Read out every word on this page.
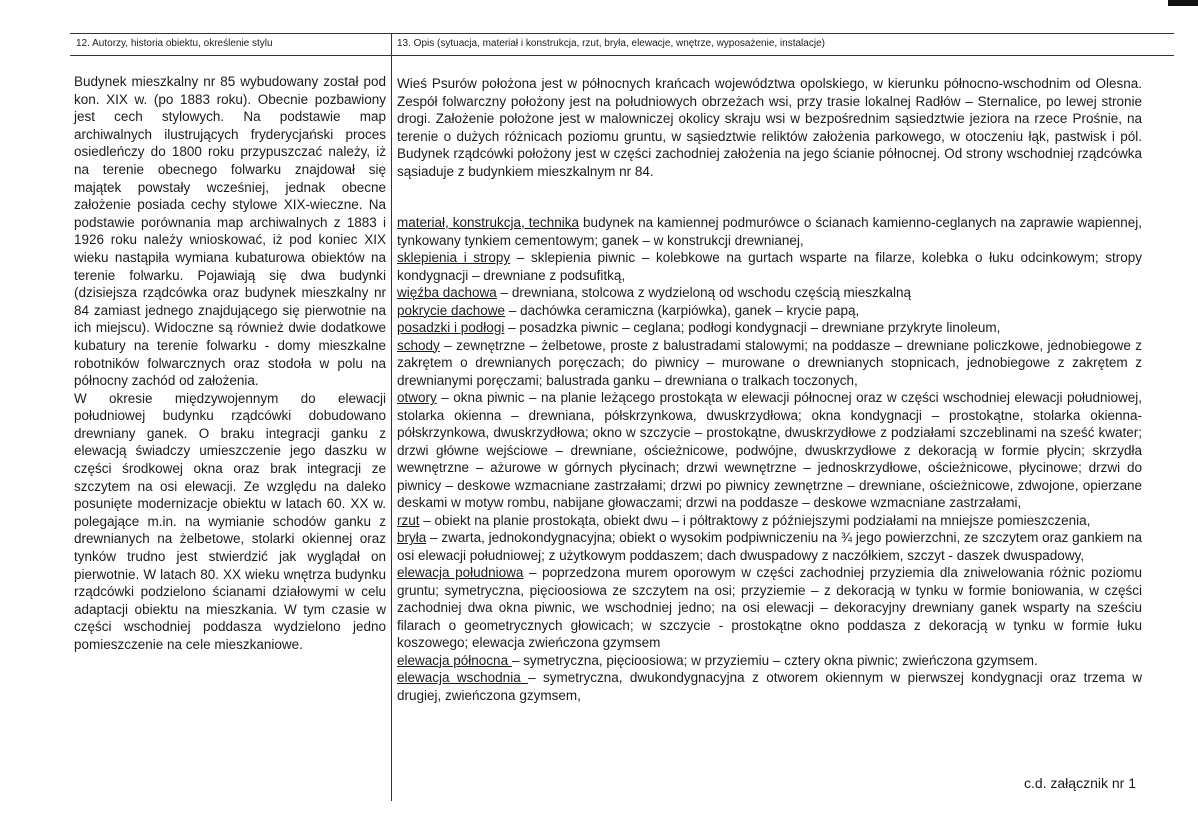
12. Autorzy, historia obiektu, określenie stylu	13. Opis (sytuacja, materiał i konstrukcja, rzut, bryła, elewacje, wnętrze, wyposażenie, instalacje)

Budynek mieszkalny nr 85 wybudowany został pod kon. XIX w. (po 1883 roku). Obecnie pozbawiony jest cech stylowych. Na podstawie map archiwalnych ilustrujących fryderycjański proces osiedleńczy do 1800 roku przypuszczać należy, iż na terenie obecnego folwarku znajdował się majątek powstały wcześniej, jednak obecne założenie posiada cechy stylowe XIX-wieczne. Na podstawie porównania map archiwalnych z 1883 i 1926 roku należy wnioskować, iż pod koniec XIX wieku nastąpiła wymiana kubaturowa obiektów na terenie folwarku. Pojawiają się dwa budynki (dzisiejsza rządcówka oraz budynek mieszkalny nr 84 zamiast jednego znajdującego się pierwotnie na ich miejscu). Widoczne są również dwie dodatkowe kubatury na terenie folwarku - domy mieszkalne robotników folwarcznych oraz stodoła w polu na północny zachód od założenia.

W okresie międzywojennym do elewacji południowej budynku rządcówki dobudowano drewniany ganek. O braku integracji ganku z elewacją świadczy umieszczenie jego daszku w części środkowej okna oraz brak integracji ze szczytem na osi elewacji. Ze względu na daleko posunięte modernizacje obiektu w latach 60. XX w. polegające m.in. na wymianie schodów ganku z drewnianych na żelbetowe, stolarki okiennej oraz tynków trudno jest stwierdzić jak wyglądał on pierwotnie. W latach 80. XX wieku wnętrza budynku rządcówki podzielono ścianami działowymi w celu adaptacji obiektu na mieszkania. W tym czasie w części wschodniej poddasza wydzielono jedno pomieszczenie na cele mieszkaniowe.

Wieś Psurów położona jest w północnych krańcach województwa opolskiego, w kierunku północno-wschodnim od Olesna. Zespół folwarczny położony jest na południowych obrzeżach wsi, przy trasie lokalnej Radłów – Sternalice, po lewej stronie drogi. Założenie położone jest w malowniczej okolicy skraju wsi w bezpośrednim sąsiedztwie jeziora na rzece Prośnie, na terenie o dużych różnicach poziomu gruntu, w sąsiedztwie reliktów założenia parkowego, w otoczeniu łąk, pastwisk i pól. Budynek rządcówki położony jest w części zachodniej założenia na jego ścianie północnej. Od strony wschodniej rządcówka sąsiaduje z budynkiem mieszkalnym nr 84.

materiał, konstrukcja, technika budynek na kamiennej podmurówce o ścianach kamienno-ceglanych na zaprawie wapiennej, tynkowany tynkiem cementowym; ganek – w konstrukcji drewnianej,

sklepienia i stropy – sklepienia piwnic – kolebkowe na gurtach wsparte na filarze, kolebka o łuku odcinkowym; stropy kondygnacji – drewniane z podsufitką,

więźba dachowa – drewniana, stolcowa z wydzieloną od wschodu częścią mieszkalną

pokrycie dachowe – dachówka ceramiczna (karpiówka), ganek – krycie papą,

posadzki i podłogi – posadzka piwnic – ceglana; podłogi kondygnacji – drewniane przykryte linoleum,

schody – zewnętrzne – żelbetowe, proste z balustradami stalowymi; na poddasze – drewniane policzkowe, jednobiegowe z zakrętem o drewnianych poręczach; do piwnicy – murowane o drewnianych stopnicach, jednobiegowe z zakrętem z drewnianymi poręczami; balustrada ganku – drewniana o tralkach toczonych,

otwory – okna piwnic – na planie leżącego prostokąta w elewacji północnej oraz w części wschodniej elewacji południowej, stolarka okienna – drewniana, półskrzynkowa, dwuskrzydłowa; okna kondygnacji – prostokątne, stolarka okienna- półskrzynkowa, dwuskrzydłowa; okno w szczycie – prostokątne, dwuskrzydłowe z podziałami szczeblinami na sześć kwater; drzwi główne wejściowe – drewniane, ościeżnicowe, podwójne, dwuskrzydłowe z dekoracją w formie płycin; skrzydła wewnętrzne – ażurowe w górnych płycinach; drzwi wewnętrzne – jednoskrzydłowe, ościeżnicowe, płycinowe; drzwi do piwnicy – deskowe wzmacniane zastrzałami; drzwi po piwnicy zewnętrzne – drewniane, ościeżnicowe, zdwojone, opierzane deskami w motyw rombu, nabijane głowaczami; drzwi na poddasze – deskowe wzmacniane zastrzałami,

rzut – obiekt na planie prostokąta, obiekt dwu – i półtraktowy z późniejszymi podziałami na mniejsze pomieszczenia,

bryła – zwarta, jednokondygnacyjna; obiekt o wysokim podpiwniczeniu na ¾ jego powierzchni, ze szczytem oraz gankiem na osi elewacji południowej; z użytkowym poddaszem; dach dwuspadowy z naczółkiem, szczyt - daszek dwuspadowy,

elewacja południowa – poprzedzona murem oporowym w części zachodniej przyziemia dla zniwelowania różnic poziomu gruntu; symetryczna, pięcioosiowa ze szczytem na osi; przyziemie – z dekoracją w tynku w formie boniowania, w części zachodniej dwa okna piwnic, we wschodniej jedno; na osi elewacji – dekoracyjny drewniany ganek wsparty na sześciu filarach o geometrycznych głowicach; w szczycie - prostokątne okno poddasza z dekoracją w tynku w formie łuku koszowego; elewacja zwieńczona gzymsem

elewacja północna – symetryczna, pięcioosiowa; w przyziemiu – cztery okna piwnic; zwieńczona gzymsem.

elewacja wschodnia – symetryczna, dwukondygnacyjna z otworem okiennym w pierwszej kondygnacji oraz trzema w drugiej, zwieńczona gzymsem,

c.d. załącznik nr 1
